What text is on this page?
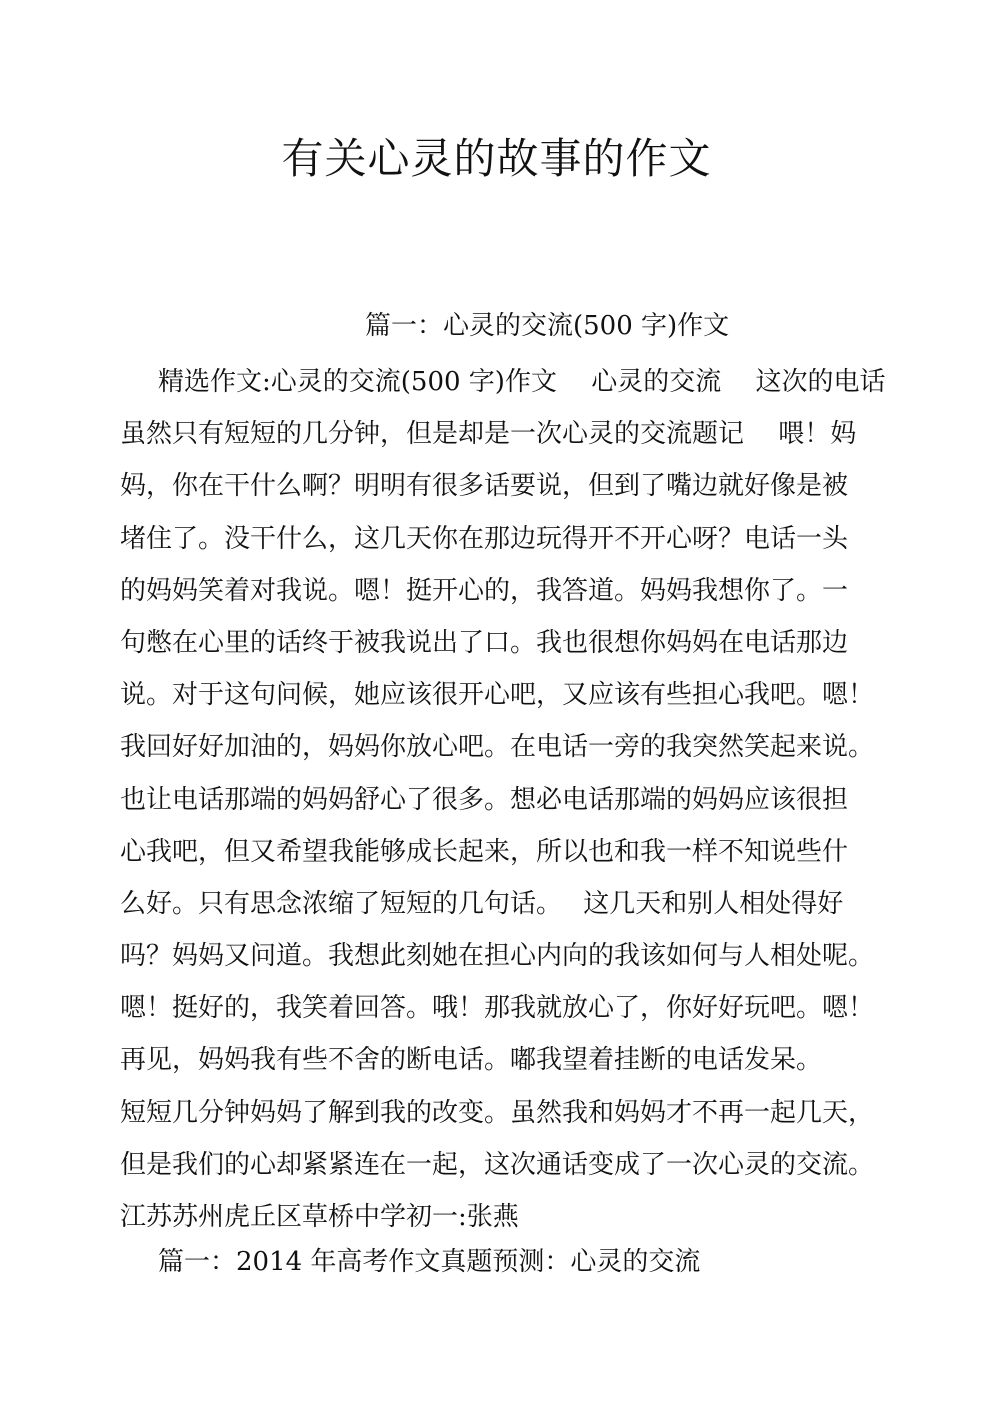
有关心灵的故事的作文
篇一：心灵的交流(500 字)作文
精选作文:心灵的交流(500 字)作文　 心灵的交流　 这次的电话
虽然只有短短的几分钟，但是却是一次心灵的交流题记　 喂！妈
妈，你在干什么啊？明明有很多话要说，但到了嘴边就好像是被
堵住了。没干什么，这几天你在那边玩得开不开心呀？电话一头
的妈妈笑着对我说。嗯！挺开心的，我答道。妈妈我想你了。一
句憋在心里的话终于被我说出了口。我也很想你妈妈在电话那边
说。对于这句问候，她应该很开心吧，又应该有些担心我吧。嗯！
我回好好加油的，妈妈你放心吧。在电话一旁的我突然笑起来说。
也让电话那端的妈妈舒心了很多。想必电话那端的妈妈应该很担
心我吧，但又希望我能够成长起来，所以也和我一样不知说些什
么好。只有思念浓缩了短短的几句话。　 这几天和别人相处得好
吗？妈妈又问道。我想此刻她在担心内向的我该如何与人相处呢。
嗯！挺好的，我笑着回答。哦！那我就放心了，你好好玩吧。嗯！
再见，妈妈我有些不舍的断电话。嘟我望着挂断的电话发呆。
短短几分钟妈妈了解到我的改变。虽然我和妈妈才不再一起几天，
但是我们的心却紧紧连在一起，这次通话变成了一次心灵的交流。
江苏苏州虎丘区草桥中学初一:张燕
篇一：2014 年高考作文真题预测：心灵的交流
